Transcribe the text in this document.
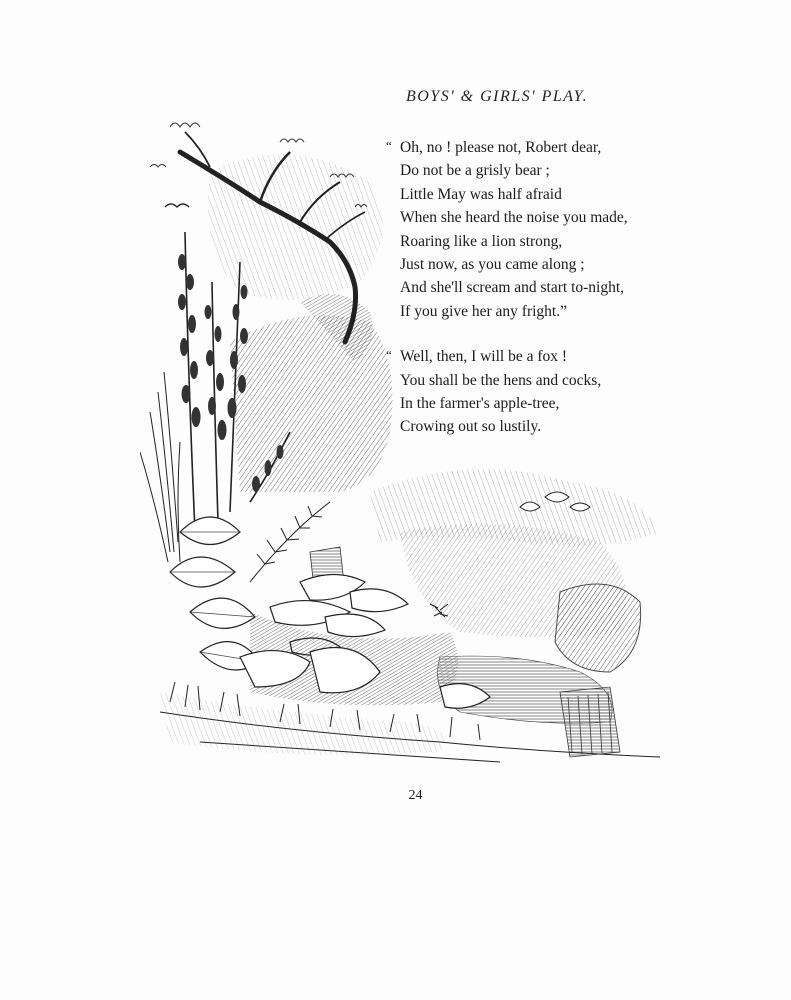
BOYS' & GIRLS' PLAY.
“ Oh, no ! please not, Robert dear,
Do not be a grisly bear ;
Little May was half afraid
When she heard the noise you made,
Roaring like a lion strong,
Just now, as you came along ;
And she'll scream and start to-night,
If you give her any fright.”
“ Well, then, I will be a fox !
You shall be the hens and cocks,
In the farmer's apple-tree,
Crowing out so lustily.
24
